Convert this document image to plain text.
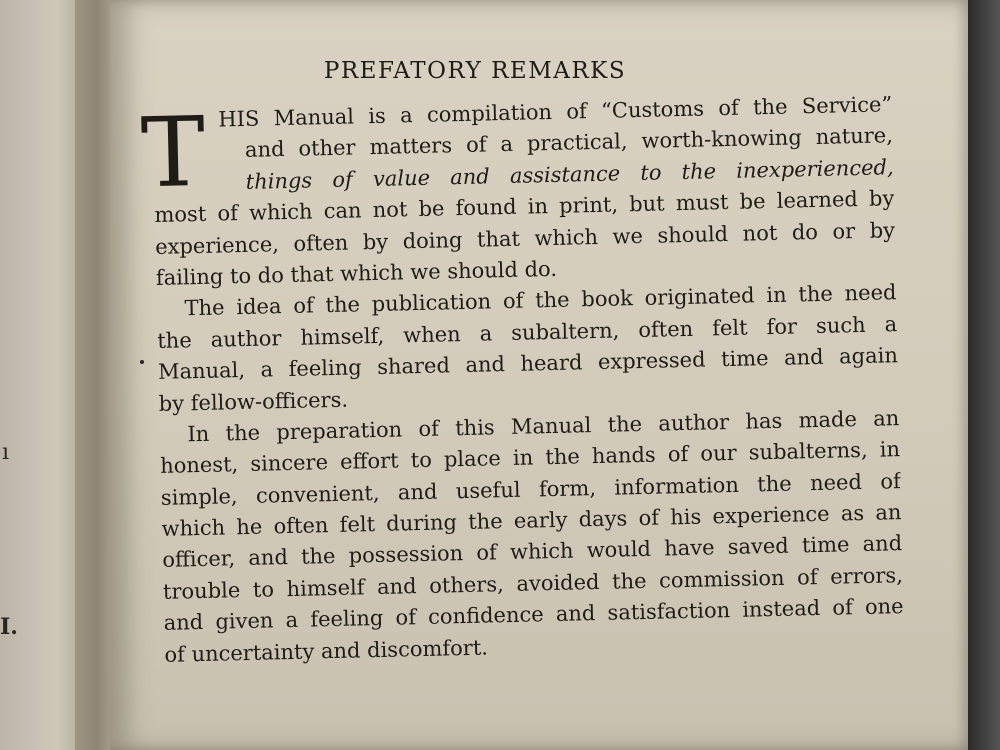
ı
I.
PREFATORY REMARKS
T HIS Manual is a compilation of “Customs of the Service”
and other matters of a practical, worth-knowing nature,
things of value and assistance to the inexperienced,
most of which can not be found in print, but must be learned by
experience, often by doing that which we should not do or by
failing to do that which we should do.
The idea of the publication of the book originated in the need
the author himself, when a subaltern, often felt for such a
Manual, a feeling shared and heard expressed time and again
by fellow-officers.
In the preparation of this Manual the author has made an
honest, sincere effort to place in the hands of our subalterns, in
simple, convenient, and useful form, information the need of
which he often felt during the early days of his experience as an
officer, and the possession of which would have saved time and
trouble to himself and others, avoided the commission of errors,
and given a feeling of confidence and satisfaction instead of one
of uncertainty and discomfort.
